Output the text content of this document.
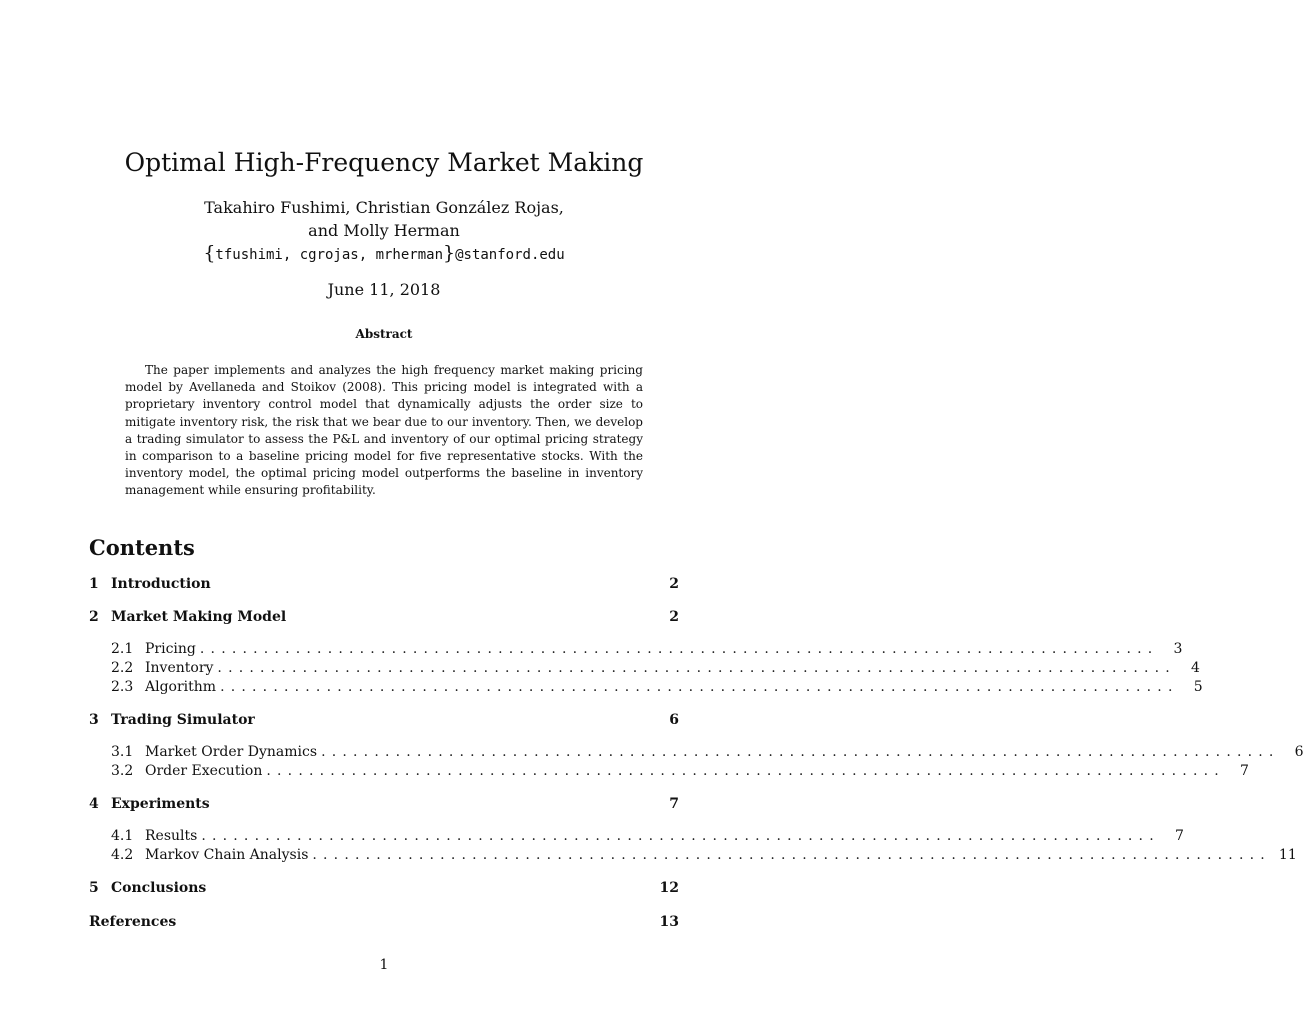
Optimal High-Frequency Market Making
Takahiro Fushimi, Christian González Rojas,
and Molly Herman
{tfushimi, cgrojas, mrherman}@stanford.edu
June 11, 2018
Abstract

The paper implements and analyzes the high frequency market making pricing model by Avellaneda and Stoikov (2008). This pricing model is integrated with a proprietary inventory control model that dynamically adjusts the order size to mitigate inventory risk, the risk that we bear due to our inventory. Then, we develop a trading simulator to assess the P&L and inventory of our optimal pricing strategy in comparison to a baseline pricing model for five representative stocks. With the inventory model, the optimal pricing model outperforms the baseline in inventory management while ensuring profitability.

Contents
1 Introduction	2
2 Market Making Model	2
2.1 Pricing ..........................................................................................	3
2.2 Inventory ..........................................................................................	4
2.3 Algorithm ..........................................................................................	5
3 Trading Simulator	6
3.1 Market Order Dynamics ..........................................................................................	6
3.2 Order Execution ..........................................................................................	7
4 Experiments	7
4.1 Results ..........................................................................................	7
4.2 Markov Chain Analysis .......................................................................................... 11
5 Conclusions	12
References	13
1
